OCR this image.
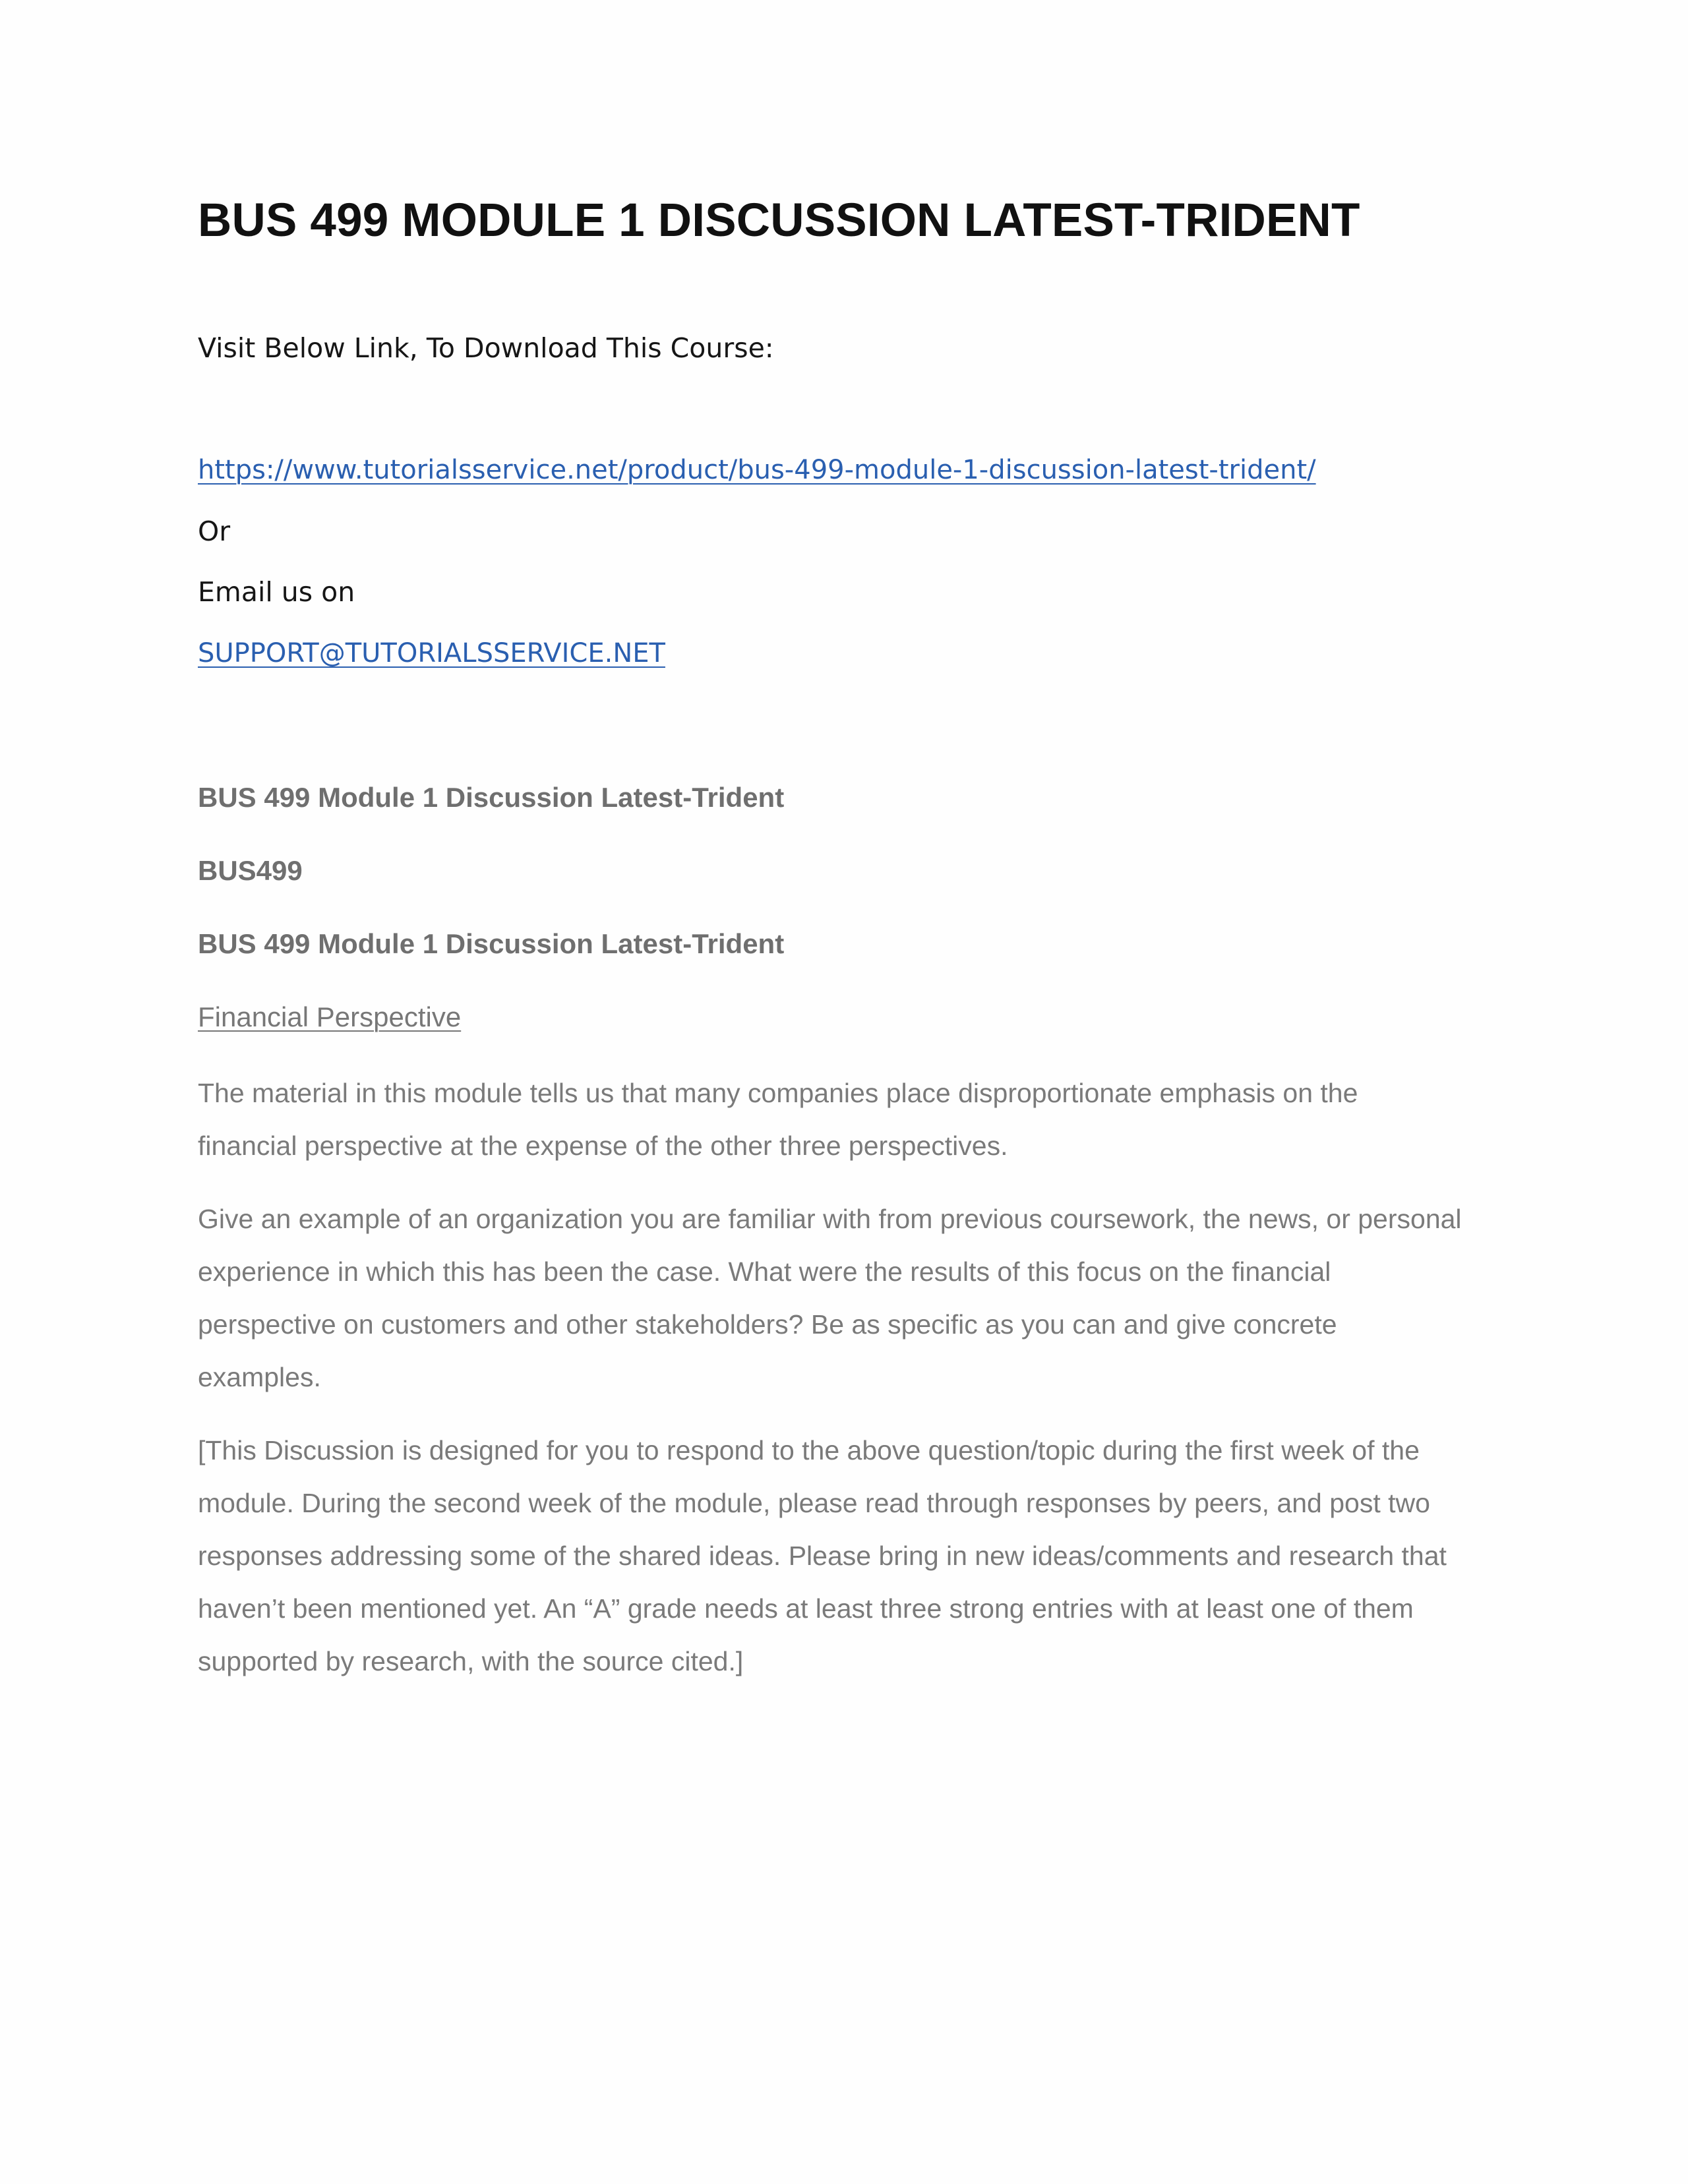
BUS 499 MODULE 1 DISCUSSION LATEST-TRIDENT

Visit Below Link, To Download This Course:

https://www.tutorialsservice.net/product/bus-499-module-1-discussion-latest-trident/

Or

Email us on

SUPPORT@TUTORIALSSERVICE.NET

BUS 499 Module 1 Discussion Latest-Trident

BUS499

BUS 499 Module 1 Discussion Latest-Trident

Financial Perspective

The material in this module tells us that many companies place disproportionate emphasis on the
financial perspective at the expense of the other three perspectives.
Give an example of an organization you are familiar with from previous coursework, the news, or personal
experience in which this has been the case. What were the results of this focus on the financial
perspective on customers and other stakeholders? Be as specific as you can and give concrete
examples.
[This Discussion is designed for you to respond to the above question/topic during the first week of the
module. During the second week of the module, please read through responses by peers, and post two
responses addressing some of the shared ideas. Please bring in new ideas/comments and research that
haven’t been mentioned yet. An “A” grade needs at least three strong entries with at least one of them
supported by research, with the source cited.]
